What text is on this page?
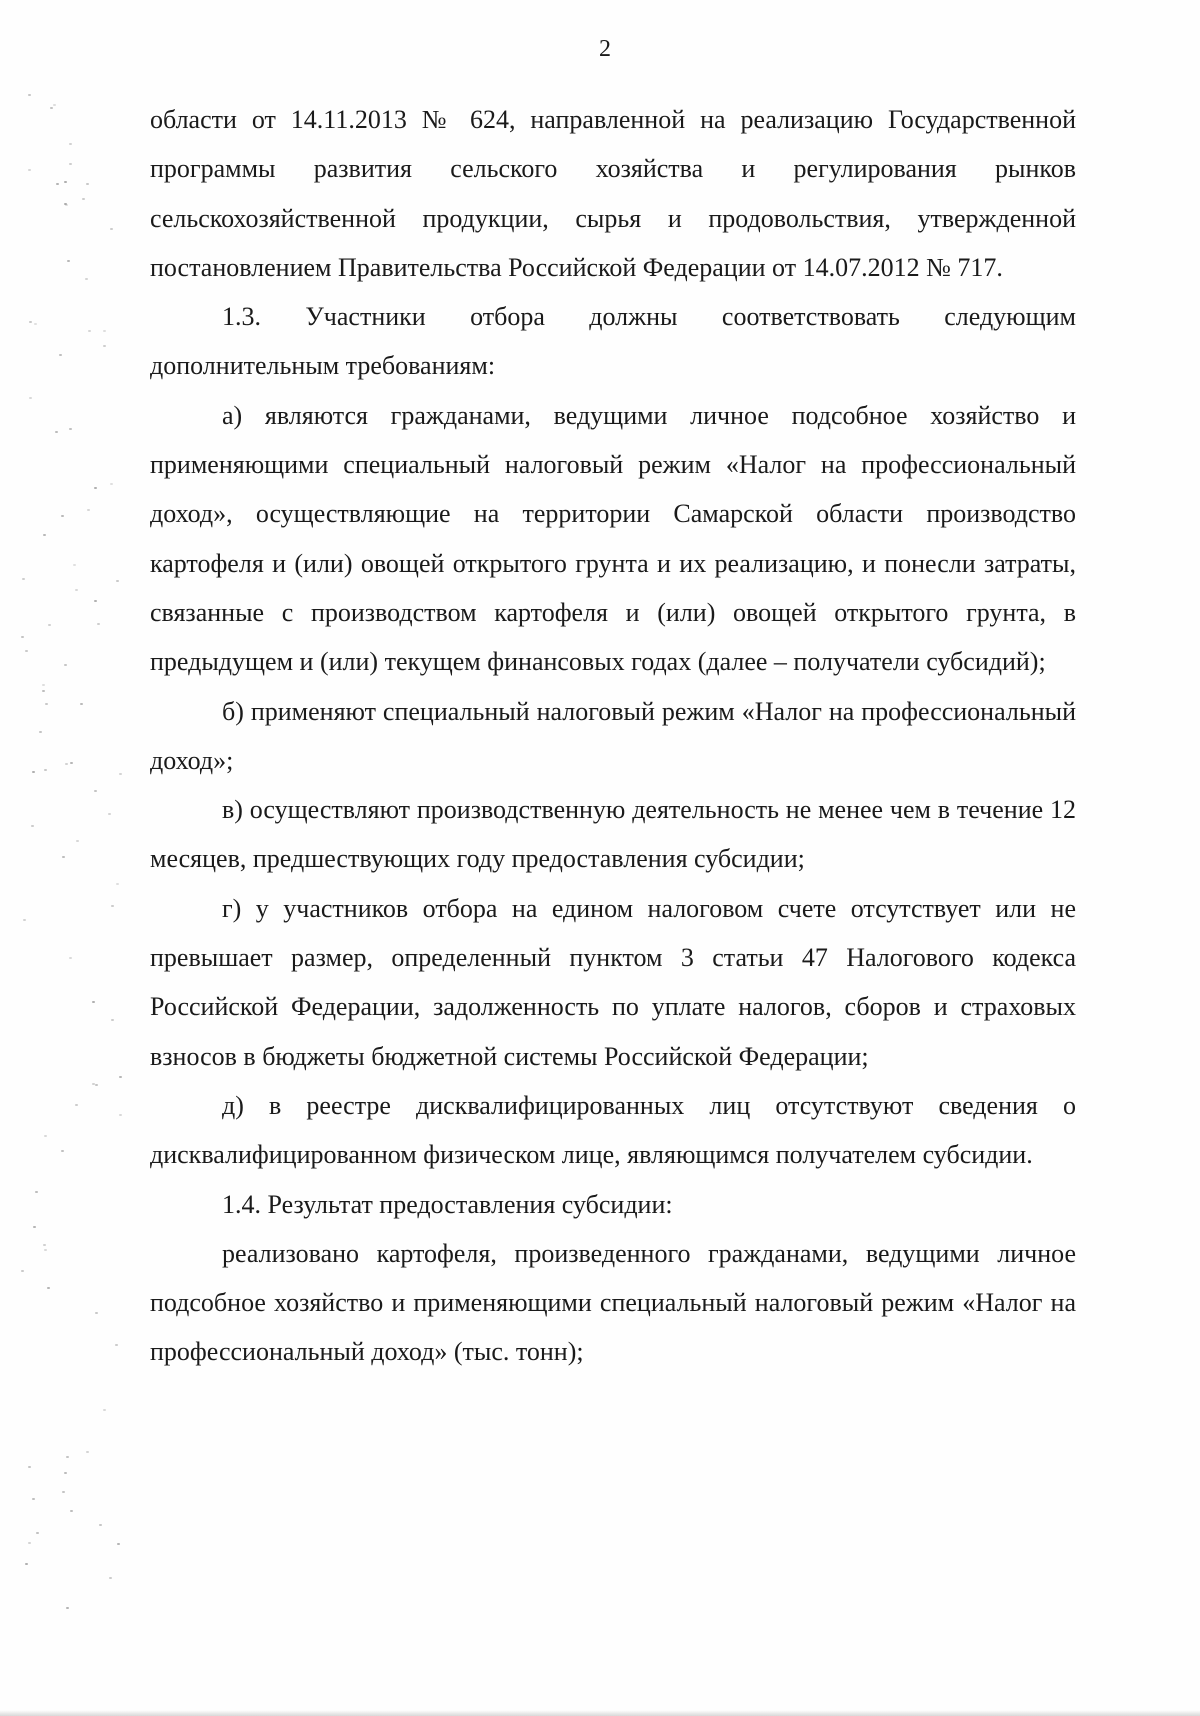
2

области от 14.11.2013 № 624, направленной на реализацию Государственной программы развития сельского хозяйства и регулирования рынков сельскохозяйственной продукции, сырья и продовольствия, утвержденной постановлением Правительства Российской Федерации от 14.07.2012 № 717.

1.3. Участники отбора должны соответствовать следующим дополнительным требованиям:

а) являются гражданами, ведущими личное подсобное хозяйство и применяющими специальный налоговый режим «Налог на профессиональный доход», осуществляющие на территории Самарской области производство картофеля и (или) овощей открытого грунта и их реализацию, и понесли затраты, связанные с производством картофеля и (или) овощей открытого грунта, в предыдущем и (или) текущем финансовых годах (далее – получатели субсидий);

б) применяют специальный налоговый режим «Налог на профессиональный доход»;

в) осуществляют производственную деятельность не менее чем в течение 12 месяцев, предшествующих году предоставления субсидии;

г) у участников отбора на едином налоговом счете отсутствует или не превышает размер, определенный пунктом 3 статьи 47 Налогового кодекса Российской Федерации, задолженность по уплате налогов, сборов и страховых взносов в бюджеты бюджетной системы Российской Федерации;

д) в реестре дисквалифицированных лиц отсутствуют сведения о дисквалифицированном физическом лице, являющимся получателем субсидии.

1.4. Результат предоставления субсидии:

реализовано картофеля, произведенного гражданами, ведущими личное подсобное хозяйство и применяющими специальный налоговый режим «Налог на профессиональный доход» (тыс. тонн);
